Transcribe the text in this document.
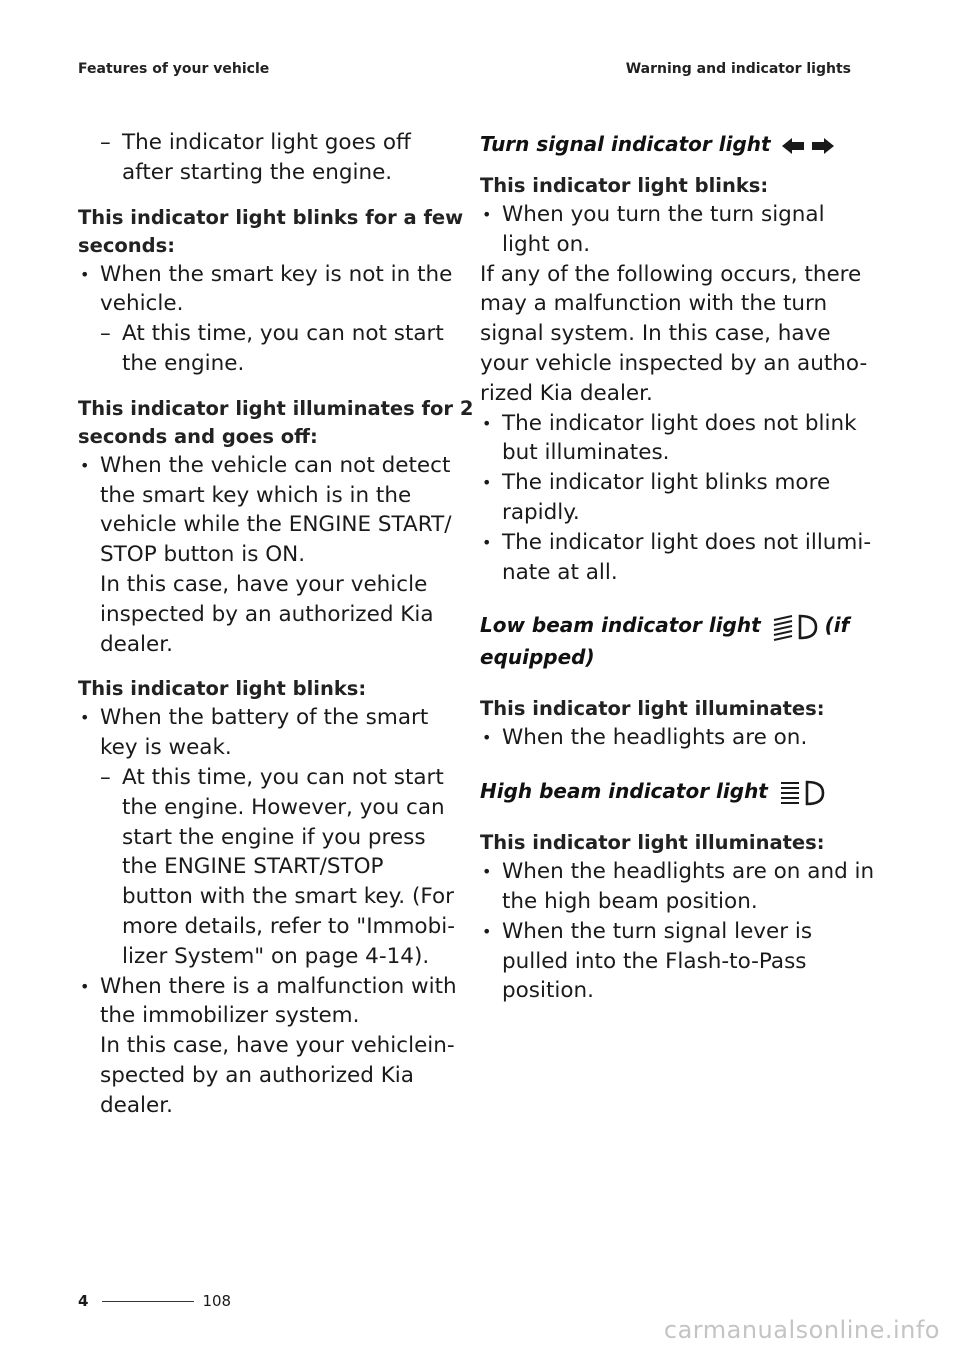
Features of your vehicle	Warning and indicator lights
– The indicator light goes off
after starting the engine.
This indicator light blinks for a few
seconds:
• When the smart key is not in the
vehicle.
– At this time, you can not start
the engine.
This indicator light illuminates for 2
seconds and goes off:
• When the vehicle can not detect
the smart key which is in the
vehicle while the ENGINE START/
STOP button is ON.
In this case, have your vehicle
inspected by an authorized Kia
dealer.
This indicator light blinks:
• When the battery of the smart
key is weak.
– At this time, you can not start
the engine. However, you can
start the engine if you press
the ENGINE START/STOP
button with the smart key. (For
more details, refer to "Immobi-
lizer System" on page 4-14).
• When there is a malfunction with
the immobilizer system.
In this case, have your vehiclein-
spected by an authorized Kia
dealer.
Turn signal indicator light
This indicator light blinks:
• When you turn the turn signal
light on.
If any of the following occurs, there
may a malfunction with the turn
signal system. In this case, have
your vehicle inspected by an autho-
rized Kia dealer.
• The indicator light does not blink
but illuminates.
• The indicator light blinks more
rapidly.
• The indicator light does not illumi-
nate at all.
Low beam indicator light	(if
equipped)
This indicator light illuminates:
• When the headlights are on.
High beam indicator light
This indicator light illuminates:
• When the headlights are on and in
the high beam position.
• When the turn signal lever is
pulled into the Flash-to-Pass
position.
4	108
carmanualsonline.info
